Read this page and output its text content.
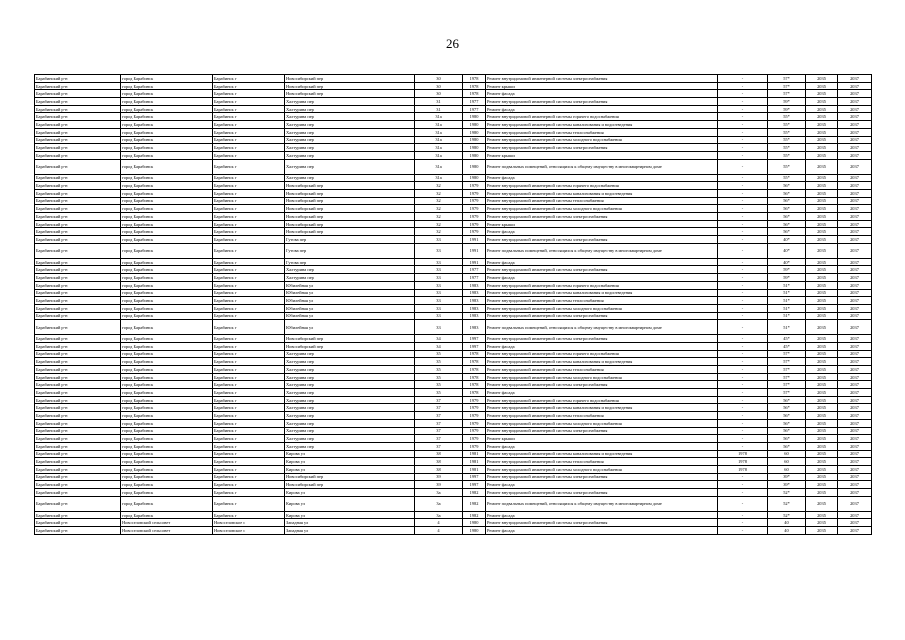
26
Барабинский р-н	город Барабинск	Барабинск г	Новосибирский пер	30	1978	Ремонт внутридомовой инженерной системы электроснабжения	-	57*	2035	2037
Барабинский р-н	город Барабинск	Барабинск г	Новосибирский пер	30	1978	Ремонт крыши	-	57*	2035	2037
Барабинский р-н	город Барабинск	Барабинск г	Новосибирский пер	30	1978	Ремонт фасада	-	57*	2035	2037
Барабинский р-н	город Барабинск	Барабинск г	Халтурина пер	31	1977	Ремонт внутридомовой инженерной системы электроснабжения	-	59*	2035	2037
Барабинский р-н	город Барабинск	Барабинск г	Халтурина пер	31	1977	Ремонт фасада	-	59*	2035	2037
Барабинский р-н	город Барабинск	Барабинск г	Халтурина пер	31а	1980	Ремонт внутридомовой инженерной системы горячего водоснабжения	-	55*	2035	2037
Барабинский р-н	город Барабинск	Барабинск г	Халтурина пер	31а	1980	Ремонт внутридомовой инженерной системы канализования и водоотведения	-	55*	2035	2037
Барабинский р-н	город Барабинск	Барабинск г	Халтурина пер	31а	1980	Ремонт внутридомовой инженерной системы теплоснабжения	-	55*	2035	2037
Барабинский р-н	город Барабинск	Барабинск г	Халтурина пер	31а	1980	Ремонт внутридомовой инженерной системы холодного водоснабжения	-	55*	2035	2037
Барабинский р-н	город Барабинск	Барабинск г	Халтурина пер	31а	1980	Ремонт внутридомовой инженерной системы электроснабжения	-	55*	2035	2037
Барабинский р-н	город Барабинск	Барабинск г	Халтурина пер	31а	1980	Ремонт крыши	-	55*	2035	2037
Барабинский р-н	город Барабинск	Барабинск г	Халтурина пер	31а	1980	Ремонт подвальных помещений, относящихся к общему имуществу в многоквартирном доме	-	55*	2035	2037
Барабинский р-н	город Барабинск	Барабинск г	Халтурина пер	31а	1980	Ремонт фасада	-	55*	2035	2037
Барабинский р-н	город Барабинск	Барабинск г	Новосибирский пер	32	1979	Ремонт внутридомовой инженерной системы горячего водоснабжения	-	56*	2035	2037
Барабинский р-н	город Барабинск	Барабинск г	Новосибирский пер	32	1979	Ремонт внутридомовой инженерной системы канализования и водоотведения	-	56*	2035	2037
Барабинский р-н	город Барабинск	Барабинск г	Новосибирский пер	32	1979	Ремонт внутридомовой инженерной системы теплоснабжения	-	56*	2035	2037
Барабинский р-н	город Барабинск	Барабинск г	Новосибирский пер	32	1979	Ремонт внутридомовой инженерной системы холодного водоснабжения	-	56*	2035	2037
Барабинский р-н	город Барабинск	Барабинск г	Новосибирский пер	32	1979	Ремонт внутридомовой инженерной системы электроснабжения	-	56*	2035	2037
Барабинский р-н	город Барабинск	Барабинск г	Новосибирский пер	32	1979	Ремонт крыши	-	56*	2035	2037
Барабинский р-н	город Барабинск	Барабинск г	Новосибирский пер	32	1979	Ремонт фасада	-	56*	2035	2037
Барабинский р-н	город Барабинск	Барабинск г	Гутова пер	33	1991	Ремонт внутридомовой инженерной системы электроснабжения	-	40*	2035	2037
Барабинский р-н	город Барабинск	Барабинск г	Гутова пер	33	1991	Ремонт подвальных помещений, относящихся к общему имуществу в многоквартирном доме	-	40*	2035	2037
Барабинский р-н	город Барабинск	Барабинск г	Гутова пер	33	1991	Ремонт фасада	-	40*	2035	2037
Барабинский р-н	город Барабинск	Барабинск г	Халтурина пер	33	1977	Ремонт внутридомовой инженерной системы электроснабжения	-	59*	2035	2037
Барабинский р-н	город Барабинск	Барабинск г	Халтурина пер	33	1977	Ремонт фасада	-	59*	2035	2037
Барабинский р-н	город Барабинск	Барабинск г	Юбилейная ул	33	1983	Ремонт внутридомовой инженерной системы горячего водоснабжения	-	51*	2035	2037
Барабинский р-н	город Барабинск	Барабинск г	Юбилейная ул	33	1983	Ремонт внутридомовой инженерной системы канализования и водоотведения	-	51*	2035	2037
Барабинский р-н	город Барабинск	Барабинск г	Юбилейная ул	33	1983	Ремонт внутридомовой инженерной системы теплоснабжения	-	51*	2035	2037
Барабинский р-н	город Барабинск	Барабинск г	Юбилейная ул	33	1983	Ремонт внутридомовой инженерной системы холодного водоснабжения	-	51*	2035	2037
Барабинский р-н	город Барабинск	Барабинск г	Юбилейная ул	33	1983	Ремонт внутридомовой инженерной системы электроснабжения	-	51*	2035	2037
Барабинский р-н	город Барабинск	Барабинск г	Юбилейная ул	33	1983	Ремонт подвальных помещений, относящихся к общему имуществу в многоквартирном доме	-	51*	2035	2037
Барабинский р-н	город Барабинск	Барабинск г	Новосибирский пер	34	1997	Ремонт внутридомовой инженерной системы электроснабжения	-	45*	2035	2037
Барабинский р-н	город Барабинск	Барабинск г	Новосибирский пер	34	1997	Ремонт фасада	-	45*	2035	2037
Барабинский р-н	город Барабинск	Барабинск г	Халтурина пер	35	1978	Ремонт внутридомовой инженерной системы горячего водоснабжения	-	57*	2035	2037
Барабинский р-н	город Барабинск	Барабинск г	Халтурина пер	35	1978	Ремонт внутридомовой инженерной системы канализования и водоотведения	-	57*	2035	2037
Барабинский р-н	город Барабинск	Барабинск г	Халтурина пер	35	1978	Ремонт внутридомовой инженерной системы теплоснабжения	-	57*	2035	2037
Барабинский р-н	город Барабинск	Барабинск г	Халтурина пер	35	1978	Ремонт внутридомовой инженерной системы холодного водоснабжения	-	57*	2035	2037
Барабинский р-н	город Барабинск	Барабинск г	Халтурина пер	35	1978	Ремонт внутридомовой инженерной системы электроснабжения	-	57*	2035	2037
Барабинский р-н	город Барабинск	Барабинск г	Халтурина пер	35	1978	Ремонт фасада	-	57*	2035	2037
Барабинский р-н	город Барабинск	Барабинск г	Халтурина пер	37	1979	Ремонт внутридомовой инженерной системы горячего водоснабжения	-	56*	2035	2037
Барабинский р-н	город Барабинск	Барабинск г	Халтурина пер	37	1979	Ремонт внутридомовой инженерной системы канализования и водоотведения	-	56*	2035	2037
Барабинский р-н	город Барабинск	Барабинск г	Халтурина пер	37	1979	Ремонт внутридомовой инженерной системы теплоснабжения	-	56*	2035	2037
Барабинский р-н	город Барабинск	Барабинск г	Халтурина пер	37	1979	Ремонт внутридомовой инженерной системы холодного водоснабжения	-	56*	2035	2037
Барабинский р-н	город Барабинск	Барабинск г	Халтурина пер	37	1979	Ремонт внутридомовой инженерной системы электроснабжения	-	56*	2035	2037
Барабинский р-н	город Барабинск	Барабинск г	Халтурина пер	37	1979	Ремонт крыши	-	56*	2035	2037
Барабинский р-н	город Барабинск	Барабинск г	Халтурина пер	37	1979	Ремонт фасада	-	56*	2035	2037
Барабинский р-н	город Барабинск	Барабинск г	Кирова ул	38	1981	Ремонт внутридомовой инженерной системы канализования и водоотведения	1978	60	2035	2037
Барабинский р-н	город Барабинск	Барабинск г	Кирова ул	38	1981	Ремонт внутридомовой инженерной системы теплоснабжения	1978	60	2035	2037
Барабинский р-н	город Барабинск	Барабинск г	Кирова ул	38	1981	Ремонт внутридомовой инженерной системы холодного водоснабжения	1978	60	2035	2037
Барабинский р-н	город Барабинск	Барабинск г	Новосибирский пер	39	1997	Ремонт внутридомовой инженерной системы электроснабжения	-	39*	2035	2037
Барабинский р-н	город Барабинск	Барабинск г	Новосибирский пер	39	1997	Ремонт фасада	-	39*	2035	2037
Барабинский р-н	город Барабинск	Барабинск г	Кирова ул	3а	1982	Ремонт внутридомовой инженерной системы электроснабжения	-	52*	2035	2037
Барабинский р-н	город Барабинск	Барабинск г	Кирова ул	3а	1982	Ремонт подвальных помещений, относящихся к общему имуществу в многоквартирном доме	-	52*	2035	2037
Барабинский р-н	город Барабинск	Барабинск г	Кирова ул	3а	1982	Ремонт фасада	-	52*	2035	2037
Барабинский р-н	Новоселовский сельсовет	Новоселовское с	Западная ул	4	1980	Ремонт внутридомовой инженерной системы электроснабжения	-	40	2035	2037
Барабинский р-н	Новоселовский сельсовет	Новоселовское с	Западная ул	4	1980	Ремонт фасада	-	40	2035	2037
